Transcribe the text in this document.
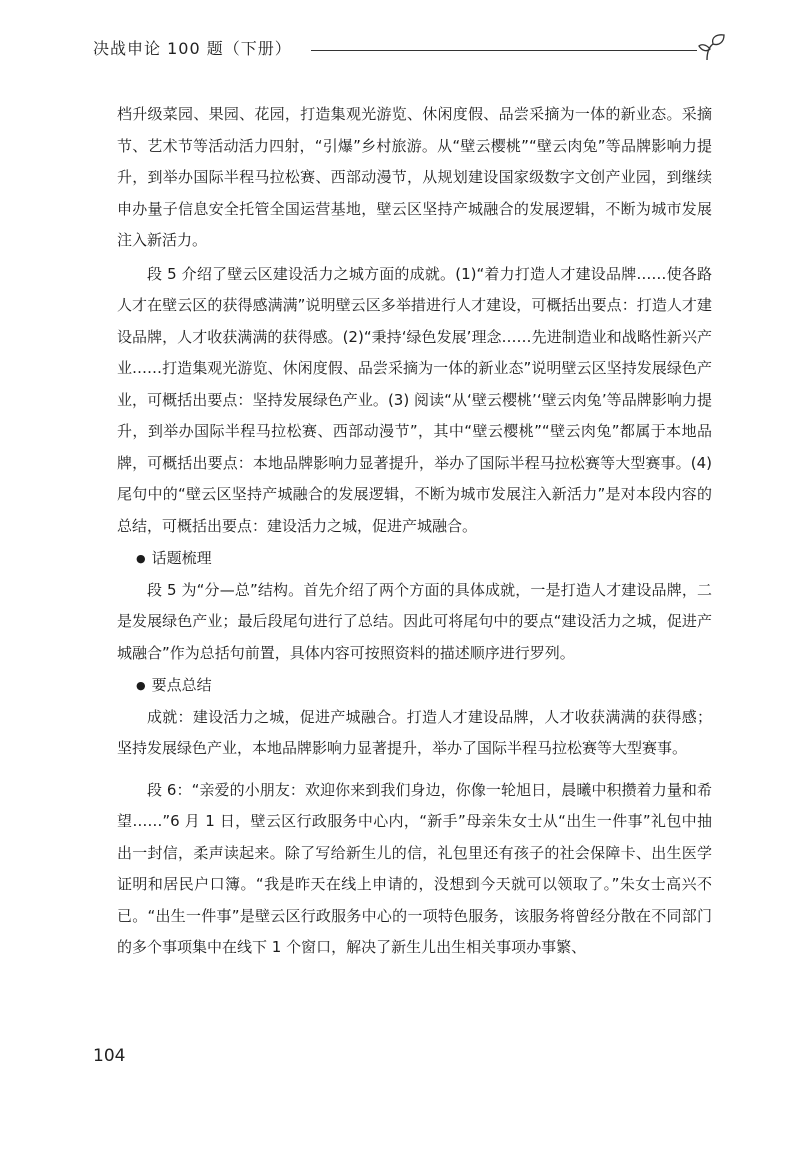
决战申论 100 题（下册）

档升级菜园、果园、花园，打造集观光游览、休闲度假、品尝采摘为一体的新业态。采摘节、艺术节等活动活力四射，“引爆”乡村旅游。从“壁云樱桃”“壁云肉兔”等品牌影响力提升，到举办国际半程马拉松赛、西部动漫节，从规划建设国家级数字文创产业园，到继续申办量子信息安全托管全国运营基地，壁云区坚持产城融合的发展逻辑，不断为城市发展注入新活力。

段 5 介绍了壁云区建设活力之城方面的成就。(1)“着力打造人才建设品牌……使各路人才在壁云区的获得感满满”说明壁云区多举措进行人才建设，可概括出要点：打造人才建设品牌，人才收获满满的获得感。(2)“秉持‘绿色发展’理念……先进制造业和战略性新兴产业……打造集观光游览、休闲度假、品尝采摘为一体的新业态”说明壁云区坚持发展绿色产业，可概括出要点：坚持发展绿色产业。(3) 阅读“从‘壁云樱桃’‘壁云肉兔’等品牌影响力提升，到举办国际半程马拉松赛、西部动漫节”，其中“壁云樱桃”“壁云肉兔”都属于本地品牌，可概括出要点：本地品牌影响力显著提升，举办了国际半程马拉松赛等大型赛事。(4) 尾句中的“壁云区坚持产城融合的发展逻辑，不断为城市发展注入新活力”是对本段内容的总结，可概括出要点：建设活力之城，促进产城融合。

● 话题梳理

段 5 为“分—总”结构。首先介绍了两个方面的具体成就，一是打造人才建设品牌，二是发展绿色产业；最后段尾句进行了总结。因此可将尾句中的要点“建设活力之城，促进产城融合”作为总括句前置，具体内容可按照资料的描述顺序进行罗列。

● 要点总结

成就：建设活力之城，促进产城融合。打造人才建设品牌，人才收获满满的获得感；坚持发展绿色产业，本地品牌影响力显著提升，举办了国际半程马拉松赛等大型赛事。

段 6：“亲爱的小朋友：欢迎你来到我们身边，你像一轮旭日，晨曦中积攒着力量和希望……”6 月 1 日，壁云区行政服务中心内，“新手”母亲朱女士从“出生一件事”礼包中抽出一封信，柔声读起来。除了写给新生儿的信，礼包里还有孩子的社会保障卡、出生医学证明和居民户口簿。“我是昨天在线上申请的，没想到今天就可以领取了。”朱女士高兴不已。“出生一件事”是壁云区行政服务中心的一项特色服务，该服务将曾经分散在不同部门的多个事项集中在线下 1 个窗口，解决了新生儿出生相关事项办事繁、

104
